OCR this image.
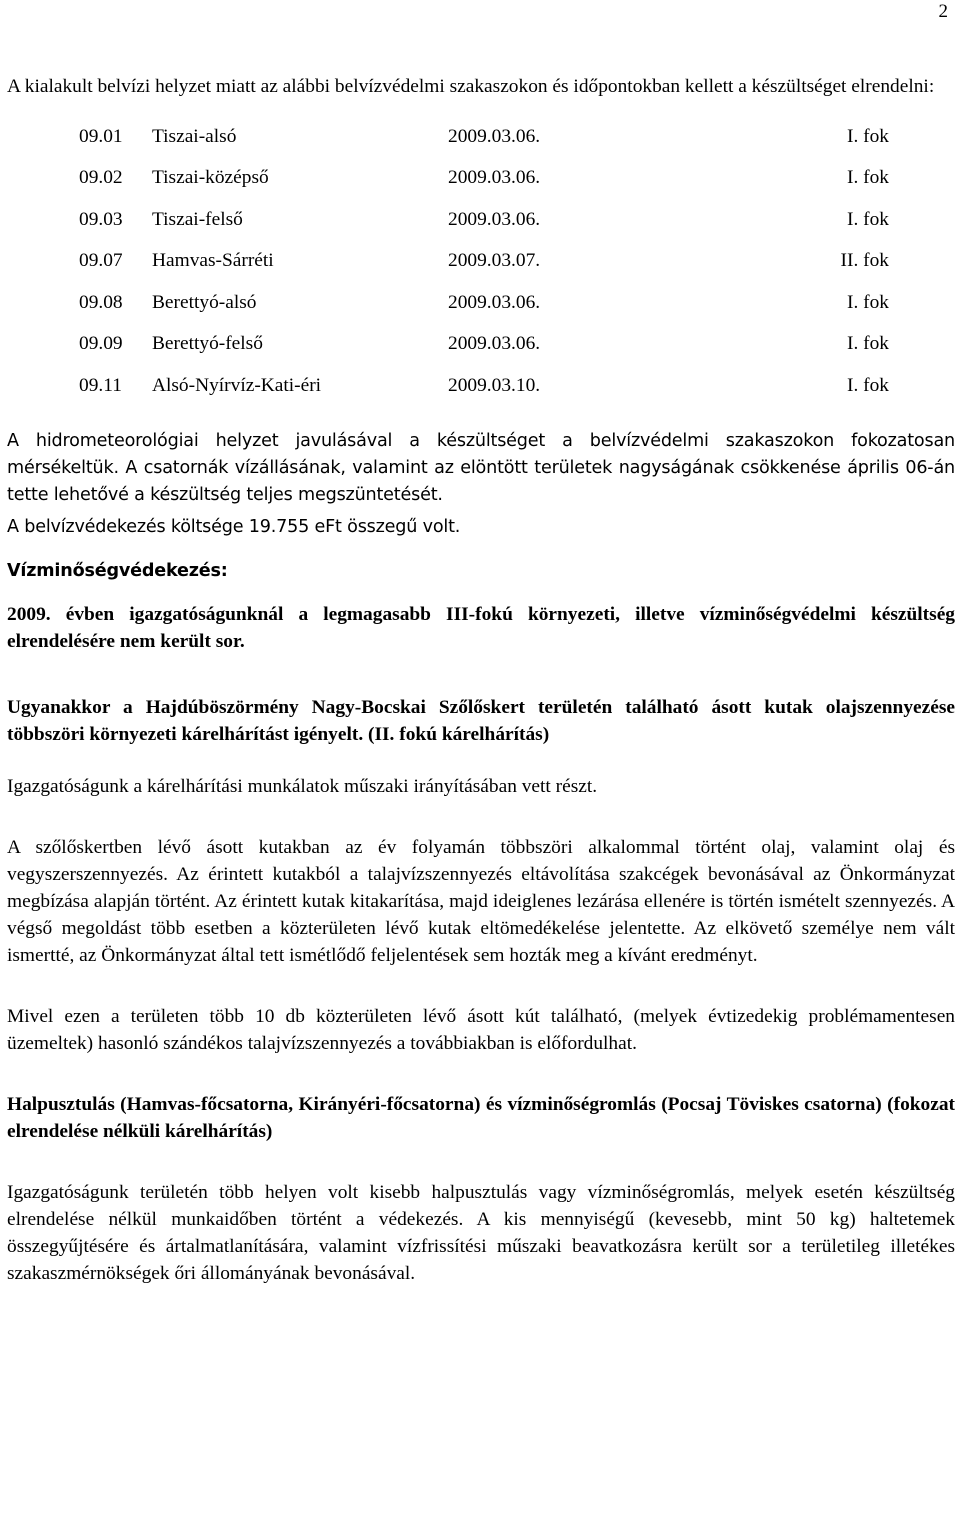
2

A kialakult belvízi helyzet miatt az alábbi belvízvédelmi szakaszokon és időpontokban kellett a készültséget elrendelni:

09.01	Tiszai-alsó	2009.03.06.	I. fok
09.02	Tiszai-középső	2009.03.06.	I. fok
09.03	Tiszai-felső	2009.03.06.	I. fok
09.07	Hamvas-Sárréti	2009.03.07.	II. fok
09.08	Berettyó-alsó	2009.03.06.	I. fok
09.09	Berettyó-felső	2009.03.06.	I. fok
09.11	Alsó-Nyírvíz-Kati-éri	2009.03.10.	I. fok

A hidrometeorológiai helyzet javulásával a készültséget a belvízvédelmi szakaszokon fokozatosan mérsékeltük. A csatornák vízállásának, valamint az elöntött területek nagyságának csökkenése április 06-án tette lehetővé a készültség teljes megszüntetését.

A belvízvédekezés költsége 19.755 eFt összegű volt.

Vízminőségvédekezés:

2009. évben igazgatóságunknál a legmagasabb III-fokú környezeti, illetve vízminőségvédelmi készültség elrendelésére nem került sor.

Ugyanakkor a Hajdúböszörmény Nagy-Bocskai Szőlőskert területén található ásott kutak olajszennyezése többszöri környezeti kárelhárítást igényelt. (II. fokú kárelhárítás)

Igazgatóságunk a kárelhárítási munkálatok műszaki irányításában vett részt.

A szőlőskertben lévő ásott kutakban az év folyamán többszöri alkalommal történt olaj, valamint olaj és vegyszerszennyezés. Az érintett kutakból a talajvízszennyezés eltávolítása szakcégek bevonásával az Önkormányzat megbízása alapján történt. Az érintett kutak kitakarítása, majd ideiglenes lezárása ellenére is történ ismételt szennyezés. A végső megoldást több esetben a közterületen lévő kutak eltömedékelése jelentette. Az elkövető személye nem vált ismertté, az Önkormányzat által tett ismétlődő feljelentések sem hozták meg a kívánt eredményt.

Mivel ezen a területen több 10 db közterületen lévő ásott kút található, (melyek évtizedekig problémamentesen üzemeltek) hasonló szándékos talajvízszennyezés a továbbiakban is előfordulhat.

Halpusztulás (Hamvas-főcsatorna, Kirányéri-főcsatorna) és vízminőségromlás (Pocsaj Töviskes csatorna) (fokozat elrendelése nélküli kárelhárítás)

Igazgatóságunk területén több helyen volt kisebb halpusztulás vagy vízminőségromlás, melyek esetén készültség elrendelése nélkül munkaidőben történt a védekezés. A kis mennyiségű (kevesebb, mint 50 kg) haltetemek összegyűjtésére és ártalmatlanítására, valamint vízfrissítési műszaki beavatkozásra került sor a területileg illetékes szakaszmérnökségek őri állományának bevonásával.
